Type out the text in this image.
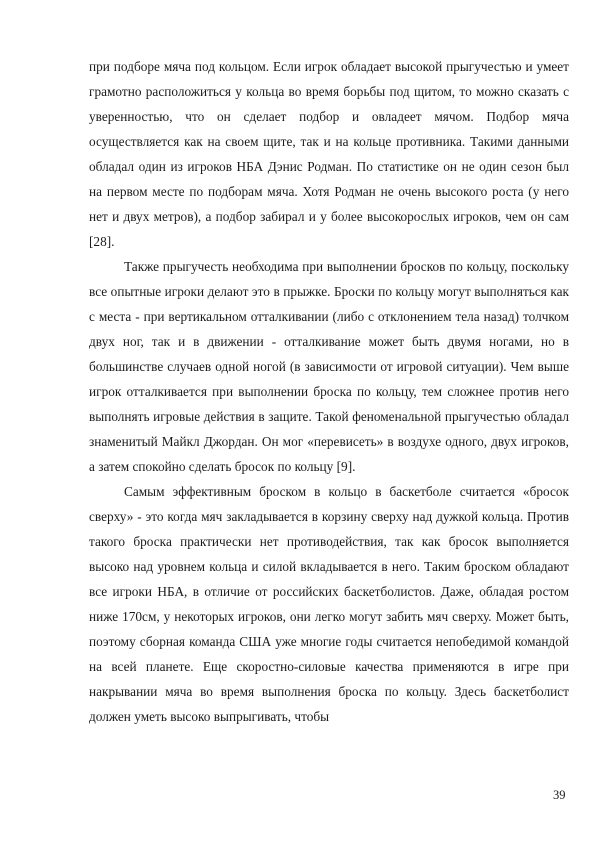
при подборе мяча под кольцом. Если игрок обладает высокой прыгучестью и умеет грамотно расположиться у кольца во время борьбы под щитом, то можно сказать с уверенностью, что он сделает подбор и овладеет мячом. Подбор мяча осуществляется как на своем щите, так и на кольце противника. Такими данными обладал один из игроков НБА Дэнис Родман. По статистике он не один сезон был на первом месте по подборам мяча. Хотя Родман не очень высокого роста (у него нет и двух метров), а подбор забирал и у более высокорослых игроков, чем он сам [28].

Также прыгучесть необходима при выполнении бросков по кольцу, поскольку все опытные игроки делают это в прыжке. Броски по кольцу могут выполняться как с места - при вертикальном отталкивании (либо с отклонением тела назад) толчком двух ног, так и в движении - отталкивание может быть двумя ногами, но в большинстве случаев одной ногой (в зависимости от игровой ситуации). Чем выше игрок отталкивается при выполнении броска по кольцу, тем сложнее против него выполнять игровые действия в защите. Такой феноменальной прыгучестью обладал знаменитый Майкл Джордан. Он мог «перевисеть» в воздухе одного, двух игроков, а затем спокойно сделать бросок по кольцу [9].

Самым эффективным броском в кольцо в баскетболе считается «бросок сверху» - это когда мяч закладывается в корзину сверху над дужкой кольца. Против такого броска практически нет противодействия, так как бросок выполняется высоко над уровнем кольца и силой вкладывается в него. Таким броском обладают все игроки НБА, в отличие от российских баскетболистов. Даже, обладая ростом ниже 170см, у некоторых игроков, они легко могут забить мяч сверху. Может быть, поэтому сборная команда США уже многие годы считается непобедимой командой на всей планете. Еще скоростно-силовые качества применяются в игре при накрывании мяча во время выполнения броска по кольцу. Здесь баскетболист должен уметь высоко выпрыгивать, чтобы

39
